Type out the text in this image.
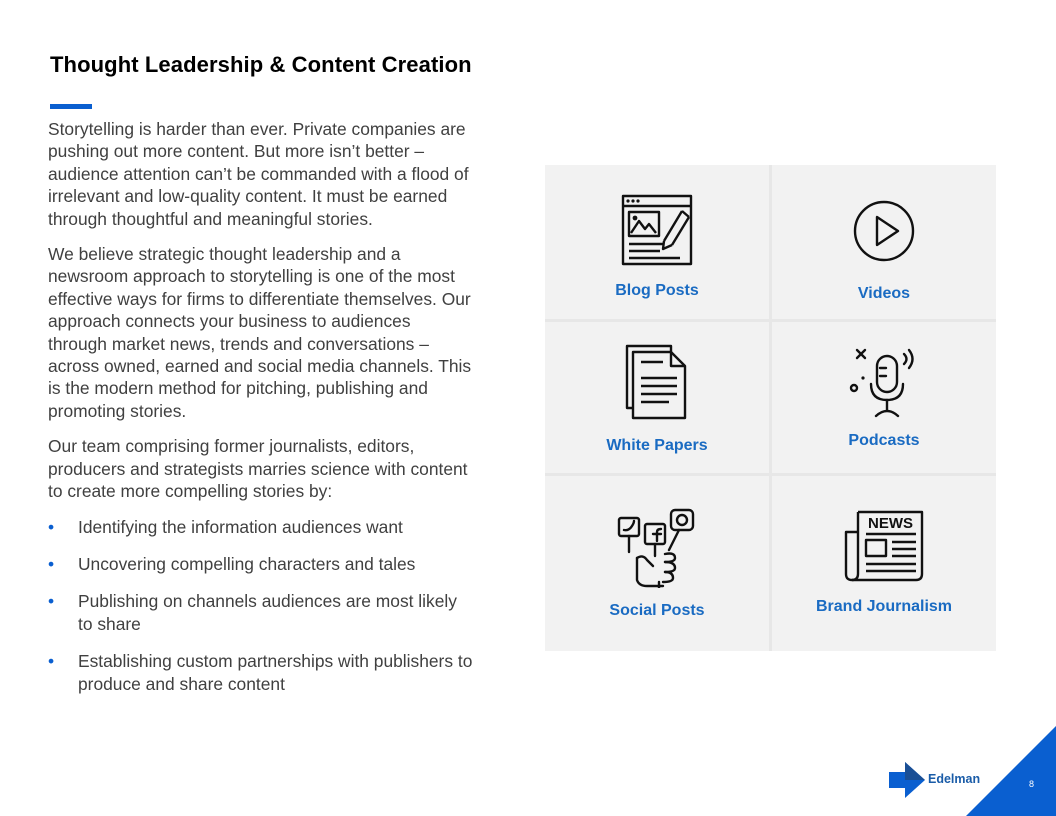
Thought Leadership & Content Creation

Storytelling is harder than ever. Private companies are pushing out more content. But more isn’t better – audience attention can’t be commanded with a flood of irrelevant and low-quality content. It must be earned through thoughtful and meaningful stories.

We believe strategic thought leadership and a newsroom approach to storytelling is one of the most effective ways for firms to differentiate themselves. Our approach connects your business to audiences through market news, trends and conversations – across owned, earned and social media channels. This is the modern method for pitching, publishing and promoting stories.

Our team comprising former journalists, editors, producers and strategists marries science with content to create more compelling stories by:

• Identifying the information audiences want
• Uncovering compelling characters and tales
• Publishing on channels audiences are most likely to share
• Establishing custom partnerships with publishers to produce and share content
Blog Posts	Videos
White Papers	Podcasts
Social Posts
NEWS
Brand Journalism
Edelman	8
